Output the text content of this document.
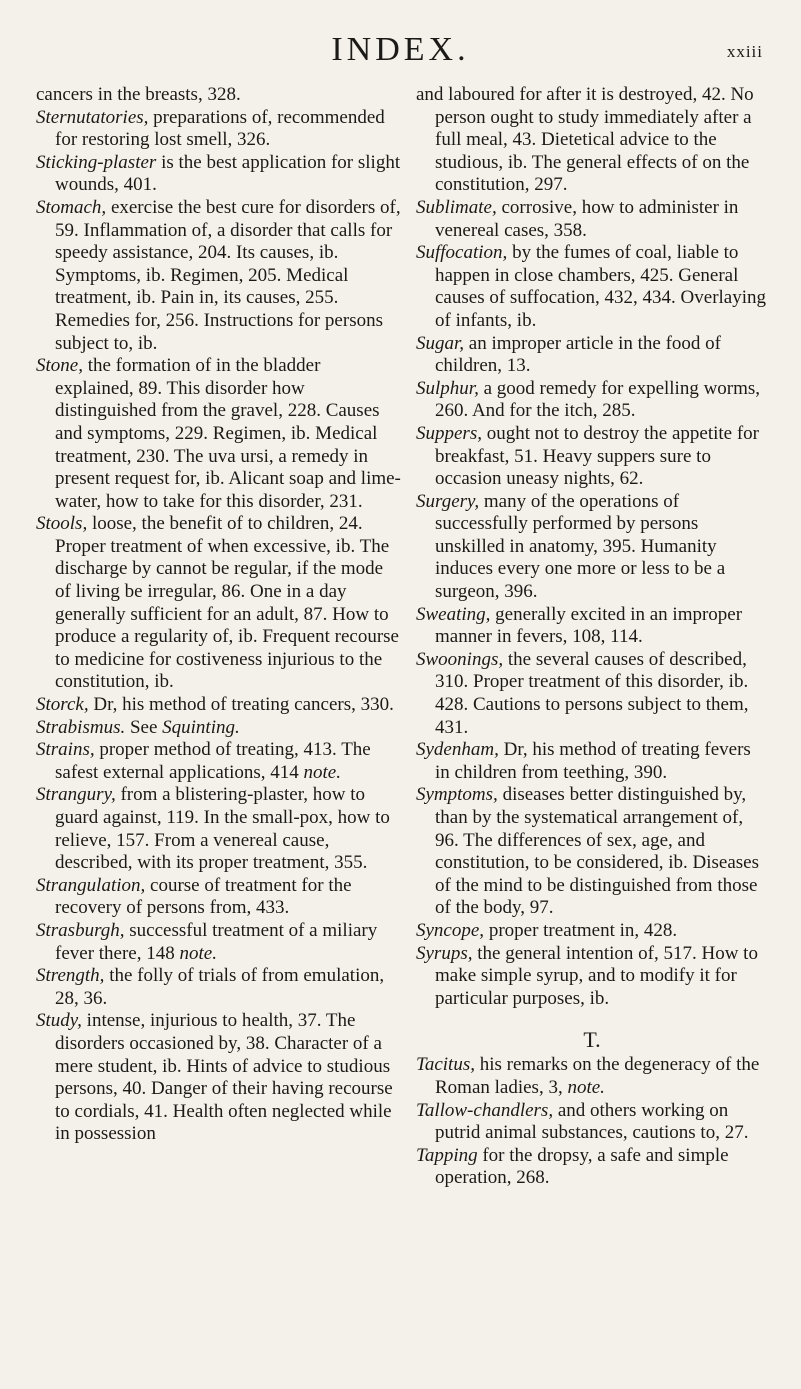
INDEX.	xxiii

cancers in the breasts, 328.

Sternutatories, preparations of, recommended for restoring lost smell, 326.

Sticking-plaster is the best application for slight wounds, 401.

Stomach, exercise the best cure for disorders of, 59. Inflammation of, a disorder that calls for speedy assistance, 204. Its causes, ib. Symptoms, ib. Regimen, 205. Medical treatment, ib. Pain in, its causes, 255. Remedies for, 256. Instructions for persons subject to, ib.

Stone, the formation of in the bladder explained, 89. This disorder how distinguished from the gravel, 228. Causes and symptoms, 229. Regimen, ib. Medical treatment, 230. The uva ursi, a remedy in present request for, ib. Alicant soap and lime-water, how to take for this disorder, 231.

Stools, loose, the benefit of to children, 24. Proper treatment of when excessive, ib. The discharge by cannot be regular, if the mode of living be irregular, 86. One in a day generally sufficient for an adult, 87. How to produce a regularity of, ib. Frequent recourse to medicine for costiveness injurious to the constitution, ib.

Storck, Dr, his method of treating cancers, 330.

Strabismus. See Squinting.

Strains, proper method of treating, 413. The safest external applications, 414 note.

Strangury, from a blistering-plaster, how to guard against, 119. In the small-pox, how to relieve, 157. From a venereal cause, described, with its proper treatment, 355.

Strangulation, course of treatment for the recovery of persons from, 433.

Strasburgh, successful treatment of a miliary fever there, 148 note.

Strength, the folly of trials of from emulation, 28, 36.

Study, intense, injurious to health, 37. The disorders occasioned by, 38. Character of a mere student, ib. Hints of advice to studious persons, 40. Danger of their having recourse to cordials, 41. Health often neglected while in possession

and laboured for after it is destroyed, 42. No person ought to study immediately after a full meal, 43. Dietetical advice to the studious, ib. The general effects of on the constitution, 297.

Sublimate, corrosive, how to administer in venereal cases, 358.

Suffocation, by the fumes of coal, liable to happen in close chambers, 425. General causes of suffocation, 432, 434. Overlaying of infants, ib.

Sugar, an improper article in the food of children, 13.

Sulphur, a good remedy for expelling worms, 260. And for the itch, 285.

Suppers, ought not to destroy the appetite for breakfast, 51. Heavy suppers sure to occasion uneasy nights, 62.

Surgery, many of the operations of successfully performed by persons unskilled in anatomy, 395. Humanity induces every one more or less to be a surgeon, 396.

Sweating, generally excited in an improper manner in fevers, 108, 114.

Swoonings, the several causes of described, 310. Proper treatment of this disorder, ib. 428. Cautions to persons subject to them, 431.

Sydenham, Dr, his method of treating fevers in children from teething, 390.

Symptoms, diseases better distinguished by, than by the systematical arrangement of, 96. The differences of sex, age, and constitution, to be considered, ib. Diseases of the mind to be distinguished from those of the body, 97.

Syncope, proper treatment in, 428.

Syrups, the general intention of, 517. How to make simple syrup, and to modify it for particular purposes, ib.

T.

Tacitus, his remarks on the degeneracy of the Roman ladies, 3, note.

Tallow-chandlers, and others working on putrid animal substances, cautions to, 27.

Tapping for the dropsy, a safe and simple operation, 268.
